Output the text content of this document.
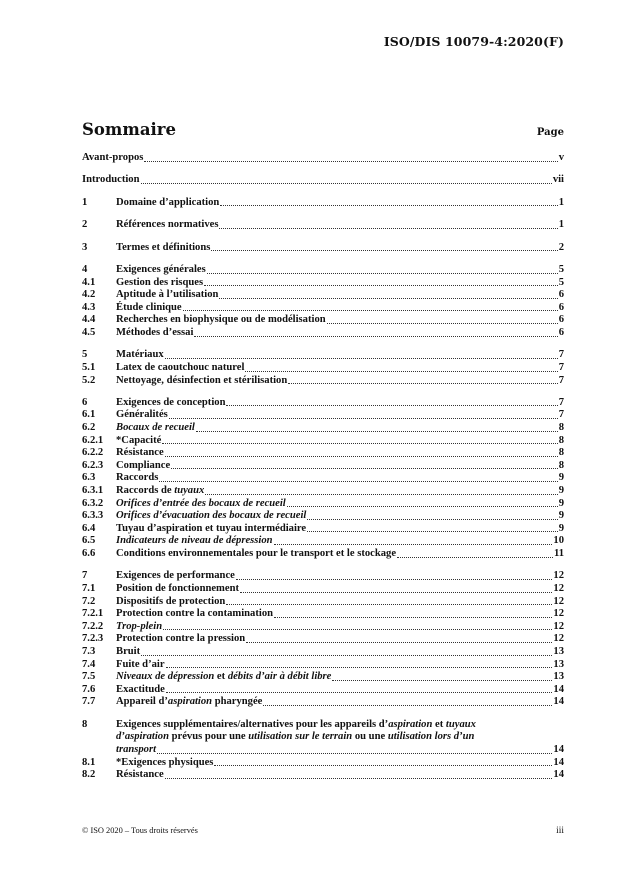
ISO/DIS 10079-4:2020(F)
Sommaire	Page
Avant-propos	v
Introduction	vii
1	Domaine d’application	1
2	Références normatives	1
3	Termes et définitions	2
4	Exigences générales	5
4.1	Gestion des risques	5
4.2	Aptitude à l’utilisation	6
4.3	Étude clinique	6
4.4	Recherches en biophysique ou de modélisation	6
4.5	Méthodes d’essai	6
5	Matériaux	7
5.1	Latex de caoutchouc naturel	7
5.2	Nettoyage, désinfection et stérilisation	7
6	Exigences de conception	7
6.1	Généralités	7
6.2	Bocaux de recueil	8
6.2.1	*Capacité	8
6.2.2	Résistance	8
6.2.3	Compliance	8
6.3	Raccords	9
6.3.1	Raccords de tuyaux	9
6.3.2	Orifices d’entrée des bocaux de recueil	9
6.3.3	Orifices d’évacuation des bocaux de recueil	9
6.4	Tuyau d’aspiration et tuyau intermédiaire	9
6.5	Indicateurs de niveau de dépression	10
6.6	Conditions environnementales pour le transport et le stockage	11
7	Exigences de performance	12
7.1	Position de fonctionnement	12
7.2	Dispositifs de protection	12
7.2.1	Protection contre la contamination	12
7.2.2	Trop-plein	12
7.2.3	Protection contre la pression	12
7.3	Bruit	13
7.4	Fuite d’air	13
7.5	Niveaux de dépression et débits d’air à débit libre	13
7.6	Exactitude	14
7.7	Appareil d’aspiration pharyngée	14
8	Exigences supplémentaires/alternatives pour les appareils d’aspiration et tuyaux
d’aspiration prévus pour une utilisation sur le terrain ou une utilisation lors d’un
transport	14
8.1	*Exigences physiques	14
8.2	Résistance	14
© ISO 2020 – Tous droits réservés	iii
